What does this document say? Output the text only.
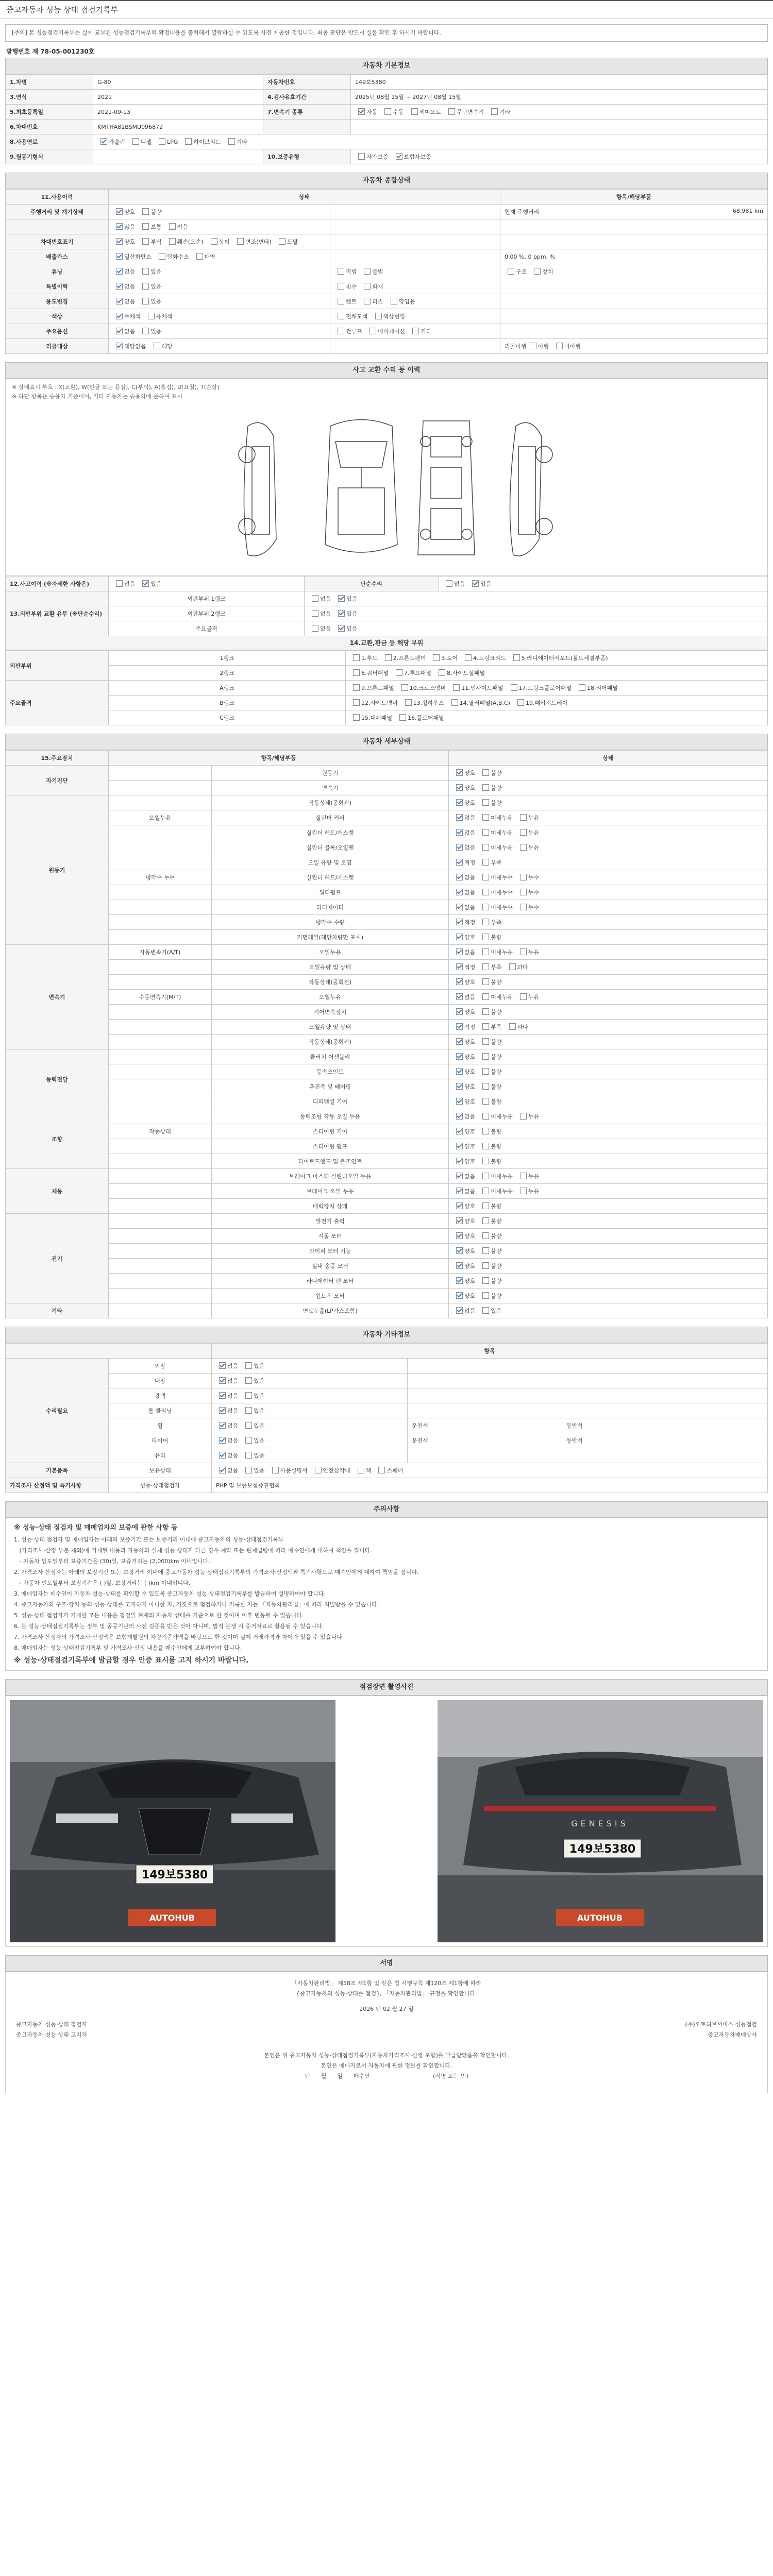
중고자동차 성능 상태 점검기록부
[주의] 본 성능점검기록부는 실제 교부된 성능점검기록부의 확정내용을 출력해서 열람하실 수 있도록 사전 제공한 것입니다. 최종 판단은 반드시 실물 확인 후 하시기 바랍니다.
발행번호 제 78-05-001230호
자동차 기본정보
1.차명	G-80	자동차번호	149보5380
3.연식	2021	4.검사유효기간	2025년 08월 15일 ~ 2027년 08월 15일
5.최초등록일	2021-09-13	7.변속기 종류	자동 수동 세미오토 무단변속기 기타
6.차대번호	KMTHA81BSMU096872		
8.사용연료	가솔린 디젤 LPG 하이브리드 기타		
9.원동기형식		10.보증유형	자가보증 보험사보증
자동차 종합상태
11.사용이력	상태		항목/해당부품
주행거리 및 계기상태	양호 불량		현재 주행거리 68,981 km

	많음 보통 적음		

차대번호표기	양호 부식 훼손(오손) 상이 변조(변타) 도말		

배출가스	일산화탄소 탄화수소 매연		0.00 %, 0 ppm, %

튜닝	없음 있음	적법 불법	구조 장치
특별이력	없음 있음	침수 화재	
용도변경	없음 있음	렌트 리스 영업용	
색상	무채색 유채색	전체도색 색상변경	
주요옵션	없음 있음	썬루프 네비게이션 기타	
리콜대상	해당없음 해당		리콜이행 이행 미이행
사고 교환 수리 등 이력
※ 상태표시 부호 : X(교환), W(판금 또는 용접), C(부식), A(흠집), U(요철), T(손상)
※ 하단 항목은 승용차 기준이며, 기타 자동차는 승용차에 준하여 표시
12.사고이력 (※자세한 사항은)	없음 있음	단순수리	없음 있음
13.외판부위 교환 유무 (※단순수리)	외판부위 1랭크	없음 있음	
	외판부위 2랭크	없음 있음	
	주요골격	없음 있음	
14.교환,판금 등 해당 부위
외판부위	1랭크	1.후드 2.프론트펜더 3.도어 4.트렁크리드 5.라디에이터서포트(볼트체결부품)
	2랭크	6.쿼터패널 7.루프패널 8.사이드실패널
주요골격	A랭크	9.프론트패널 10.크로스멤버 11.인사이드패널 17.트렁크플로어패널 18.리어패널
	B랭크	12.사이드멤버 13.휠하우스 14.필러패널(A,B,C) 19.패키지트레이
	C랭크	15.대쉬패널 16.플로어패널
자동차 세부상태
15.주요장치	항목/해당부품		상태
자기진단		원동기	양호 불량
		변속기	양호 불량
원동기		작동상태(공회전)	양호 불량
	오일누유	실린더 커버	없음 미세누유 누유
		실린더 헤드/개스켓	없음 미세누유 누유
		실린더 블록/오일팬	없음 미세누유 누유
		오일 유량 및 오염	적정 부족
	냉각수 누수	실린더 헤드/개스켓	없음 미세누수 누수
		워터펌프	없음 미세누수 누수
		라디에이터	없음 미세누수 누수
		냉각수 수량	적정 부족
		커먼레일(해당차량만 표시)	양호 불량
변속기	자동변속기(A/T)	오일누유	없음 미세누유 누유
		오일유량 및 상태	적정 부족 과다
		작동상태(공회전)	양호 불량
	수동변속기(M/T)	오일누유	없음 미세누유 누유
		기어변속장치	양호 불량
		오일유량 및 상태	적정 부족 과다
		작동상태(공회전)	양호 불량
동력전달		클러치 어셈블리	양호 불량
		등속조인트	양호 불량
		추진축 및 베어링	양호 불량
		디퍼렌셜 기어	양호 불량
조향		동력조향 작동 오일 누유	없음 미세누유 누유
	작동상태	스티어링 기어	양호 불량
		스티어링 펌프	양호 불량
		타이로드엔드 및 볼조인트	양호 불량
제동		브레이크 마스터 실린더오일 누유	없음 미세누유 누유
		브레이크 오일 누유	없음 미세누유 누유
		배력장치 상태	양호 불량
전기		발전기 출력	양호 불량
		시동 모터	양호 불량
		와이퍼 모터 기능	양호 불량
		실내 송풍 모터	양호 불량
		라디에이터 팬 모터	양호 불량
		윈도우 모터	양호 불량
기타		연료누출(LP가스포함)	없음 있음
자동차 기타정보
		항목		
수리필요	외장	없음 있음		
	내장	없음 있음		
	광택	없음 있음		
	룸 클리닝	없음 있음		
	휠	없음 있음	운전석	동반석
	타이어	없음 있음	운전석	동반석
	유리	없음 있음		
기본품목	보유상태	없음 있음 사용설명서 안전삼각대 잭 스패너		
가격조사 산정액 및 특기사항	성능·상태점검자	PHP 및 보증보험증권협회		
주의사항
※ 성능·상태 점검자 및 매매업자의 보증에 관한 사항 등

1. 성능·상태 점검자 및 매매업자는 아래의 보증기간 또는 보증거리 이내에 중고자동차의 성능·상태점검기록부

(가격조사·산정 부분 제외)에 기재된 내용과 자동차의 실제 성능·상태가 다른 경우 계약 또는 관계법령에 따라 매수인에게 대하여 책임을 집니다.

- 자동차 인도일부터 보증기간은 (30)일, 보증거리는 (2,000)km 이내입니다.

2. 가격조사·산정자는 아래의 보장기간 또는 보장거리 이내에 중고자동차 성능·상태점검기록부의 가격조사·산정액과 특기사항으로 매수인에게 대하여 책임을 집니다.

- 자동차 인도일부터 보장기간은 ( )일, 보장거리는 ( )km 이내입니다.

3. 매매업자는 매수인이 자동차 성능·상태를 확인할 수 있도록 중고자동차 성능·상태점검기록부를 발급하여 설명하여야 합니다.

4. 중고자동차의 구조·장치 등의 성능·상태를 고지하지 아니한 자, 거짓으로 점검하거나 기록한 자는 「자동차관리법」에 따라 처벌받을 수 있습니다.

5. 성능·상태 점검자가 기재한 모든 내용은 점검일 현재의 자동차 상태를 기준으로 한 것이며 이후 변동될 수 있습니다.

6. 본 성능·상태점검기록부는 정부 및 공공기관의 사전 검증을 받은 것이 아니며, 법적 분쟁 시 증거자료로 활용될 수 있습니다.

7. 가격조사·산정자의 가격조사·산정액은 보험개발원의 차량기준가액을 바탕으로 한 것이며 실제 거래가격과 차이가 있을 수 있습니다.

8. 매매업자는 성능·상태점검기록부 및 가격조사·산정 내용을 매수인에게 교부하여야 합니다.

※ 성능·상태점검기록부에 발급할 경우 인증 표시를 고지 하시기 바랍니다.
점검장면 촬영사진
149보5380
AUTOHUB
GENESIS
149보5380
AUTOHUB
서명
「자동차관리법」 제58조 제1항 및 같은 법 시행규칙 제120조 제1항에 따라
{중고자동차의 성능·상태를 점검}, 「자동차관리법」 규정을 확인합니다.
2026 년 02 월 27 일
중고자동차 성능·상태 점검자	(주)오토허브서비스 성능점검
중고자동차 성능·상태 고지자	중고자동차매매상사
본인은 위 중고자동차 성능·상태점검기록부(자동차가격조사·산정 포함)를 발급받았음을 확인합니다.
본인은 매매자로서 자동차에 관한 정보를 확인합니다.
년      월      일      매수인                                   (서명 또는 인)
